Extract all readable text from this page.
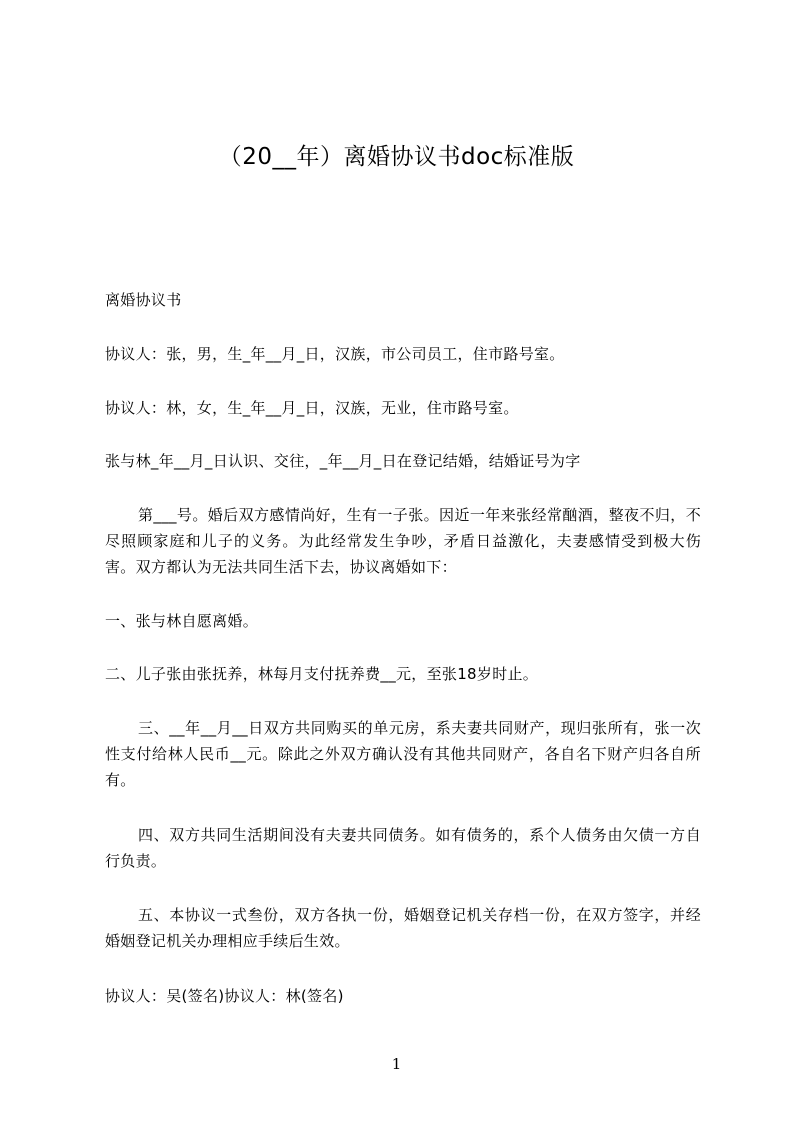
（20__年）离婚协议书doc标准版

离婚协议书

协议人：张，男，生_年__月_日，汉族，市公司员工，住市路号室。

协议人：林，女，生_年__月_日，汉族，无业，住市路号室。

张与林_年__月_日认识、交往，_年__月_日在登记结婚，结婚证号为字

第___号。婚后双方感情尚好，生有一子张。因近一年来张经常酗酒，整夜不归，不尽照顾家庭和儿子的义务。为此经常发生争吵，矛盾日益激化，夫妻感情受到极大伤害。双方都认为无法共同生活下去，协议离婚如下：

一、张与林自愿离婚。

二、儿子张由张抚养，林每月支付抚养费__元，至张18岁时止。

三、__年__月__日双方共同购买的单元房，系夫妻共同财产，现归张所有，张一次性支付给林人民币__元。除此之外双方确认没有其他共同财产，各自名下财产归各自所有。

四、双方共同生活期间没有夫妻共同债务。如有债务的，系个人债务由欠债一方自行负责。

五、本协议一式叁份，双方各执一份，婚姻登记机关存档一份，在双方签字，并经婚姻登记机关办理相应手续后生效。

协议人：吴(签名)协议人：林(签名)

1
